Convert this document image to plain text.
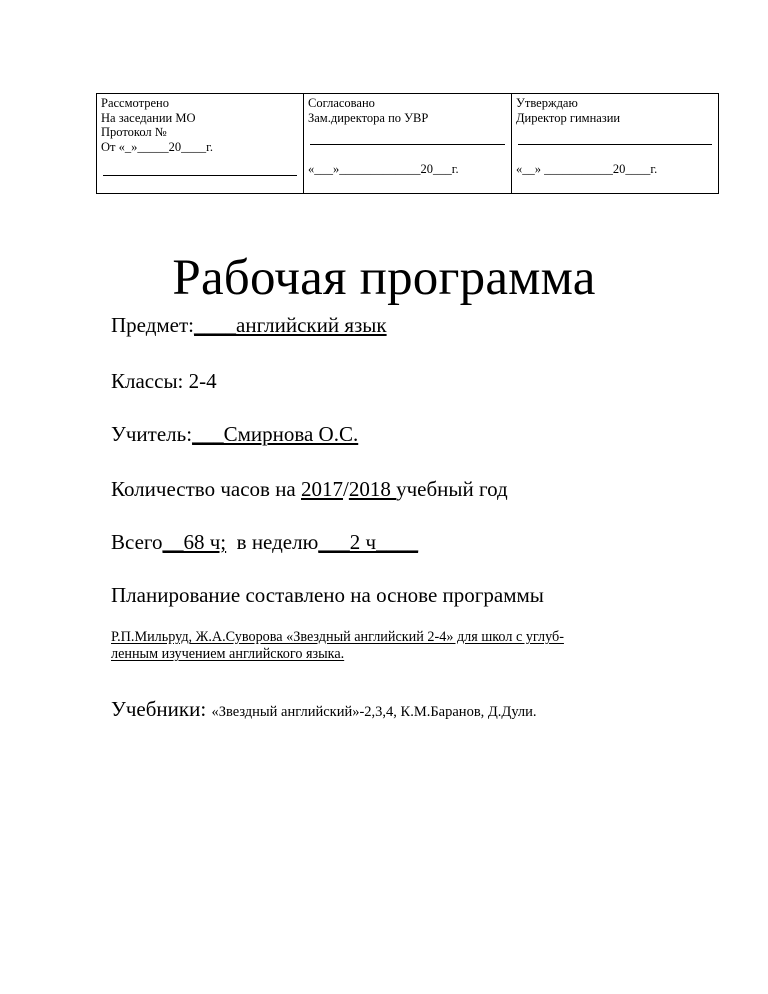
Рассмотрено
На заседании МО
Протокол №
От «_»_____20____г.

Согласовано
Зам.директора по УВР
«___»_____________20___г.

Утверждаю
Директор гимназии
«__» ___________20____г.
Рабочая программа
Предмет:____английский язык
Классы: 2-4
Учитель:___Смирнова О.С.
Количество часов на 2017/2018 учебный год
Всего__68 ч;  в неделю___2 ч____
Планирование составлено на основе программы
Р.П.Мильруд, Ж.А.Суворова «Звездный английский 2-4» для школ с углуб-
ленным изучением английского языка.
Учебники: «Звездный английский»-2,3,4, К.М.Баранов, Д.Дули.
